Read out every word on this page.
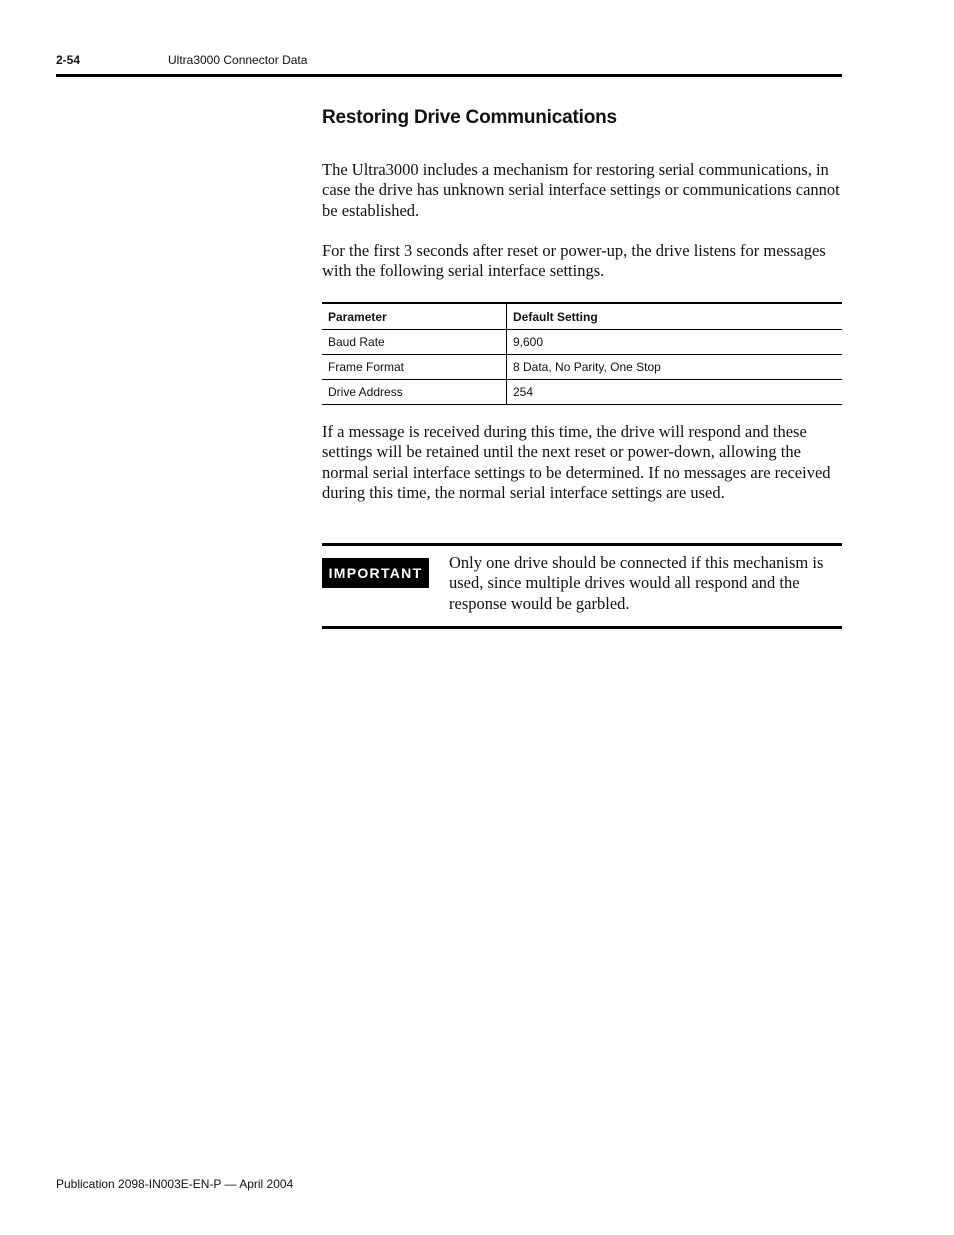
2-54	Ultra3000 Connector Data
Restoring Drive Communications

The Ultra3000 includes a mechanism for restoring serial communications, in case the drive has unknown serial interface settings or communications cannot be established.

For the first 3 seconds after reset or power-up, the drive listens for messages with the following serial interface settings.

Parameter	Default Setting
Baud Rate	9,600
Frame Format	8 Data, No Parity, One Stop
Drive Address	254

If a message is received during this time, the drive will respond and these settings will be retained until the next reset or power-down, allowing the normal serial interface settings to be determined. If no messages are received during this time, the normal serial interface settings are used.

IMPORTANT

Only one drive should be connected if this mechanism is used, since multiple drives would all respond and the response would be garbled.

Publication 2098-IN003E-EN-P — April 2004
